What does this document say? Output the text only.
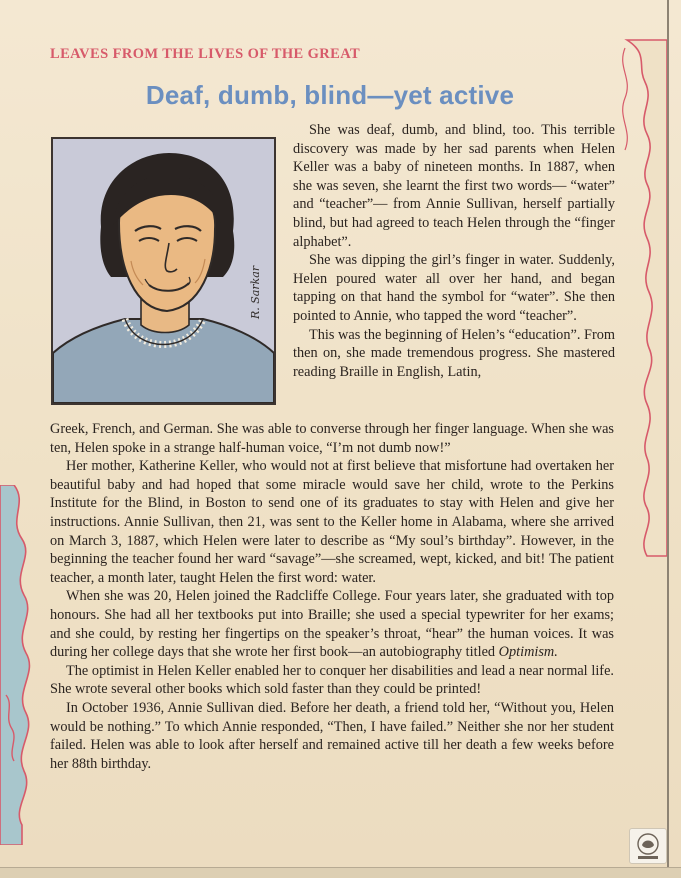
LEAVES FROM THE LIVES OF THE GREAT
Deaf, dumb, blind—yet active
R. Sarkar

She was deaf, dumb, and blind, too. This terrible discovery was made by her sad parents when Helen Keller was a baby of nineteen months. In 1887, when she was seven, she learnt the first two words— “water” and “teacher”— from Annie Sullivan, herself partially blind, but had agreed to teach Helen through the “finger alphabet”.

She was dipping the girl’s finger in water. Suddenly, Helen poured water all over her hand, and began tapping on that hand the symbol for “water”. She then pointed to Annie, who tapped the word “teacher”.

This was the beginning of Helen’s “education”. From then on, she made tremendous progress. She mastered reading Braille in English, Latin,

Greek, French, and German. She was able to converse through her finger language. When she was ten, Helen spoke in a strange half-human voice, “I’m not dumb now!”

Her mother, Katherine Keller, who would not at first believe that misfortune had overtaken her beautiful baby and had hoped that some miracle would save her child, wrote to the Perkins Institute for the Blind, in Boston to send one of its graduates to stay with Helen and give her instructions. Annie Sullivan, then 21, was sent to the Keller home in Alabama, where she arrived on March 3, 1887, which Helen were later to describe as “My soul’s birthday”. However, in the beginning the teacher found her ward “savage”—she screamed, wept, kicked, and bit! The patient teacher, a month later, taught Helen the first word: water.

When she was 20, Helen joined the Radcliffe College. Four years later, she graduated with top honours. She had all her textbooks put into Braille; she used a special typewriter for her exams; and she could, by resting her fingertips on the speaker’s throat, “hear” the human voices. It was during her college days that she wrote her first book—an autobiography titled Optimism.

The optimist in Helen Keller enabled her to conquer her disabilities and lead a near normal life. She wrote several other books which sold faster than they could be printed!

In October 1936, Annie Sullivan died. Before her death, a friend told her, “Without you, Helen would be nothing.” To which Annie responded, “Then, I have failed.” Neither she nor her student failed. Helen was able to look after herself and remained active till her death a few weeks before her 88th birthday.
